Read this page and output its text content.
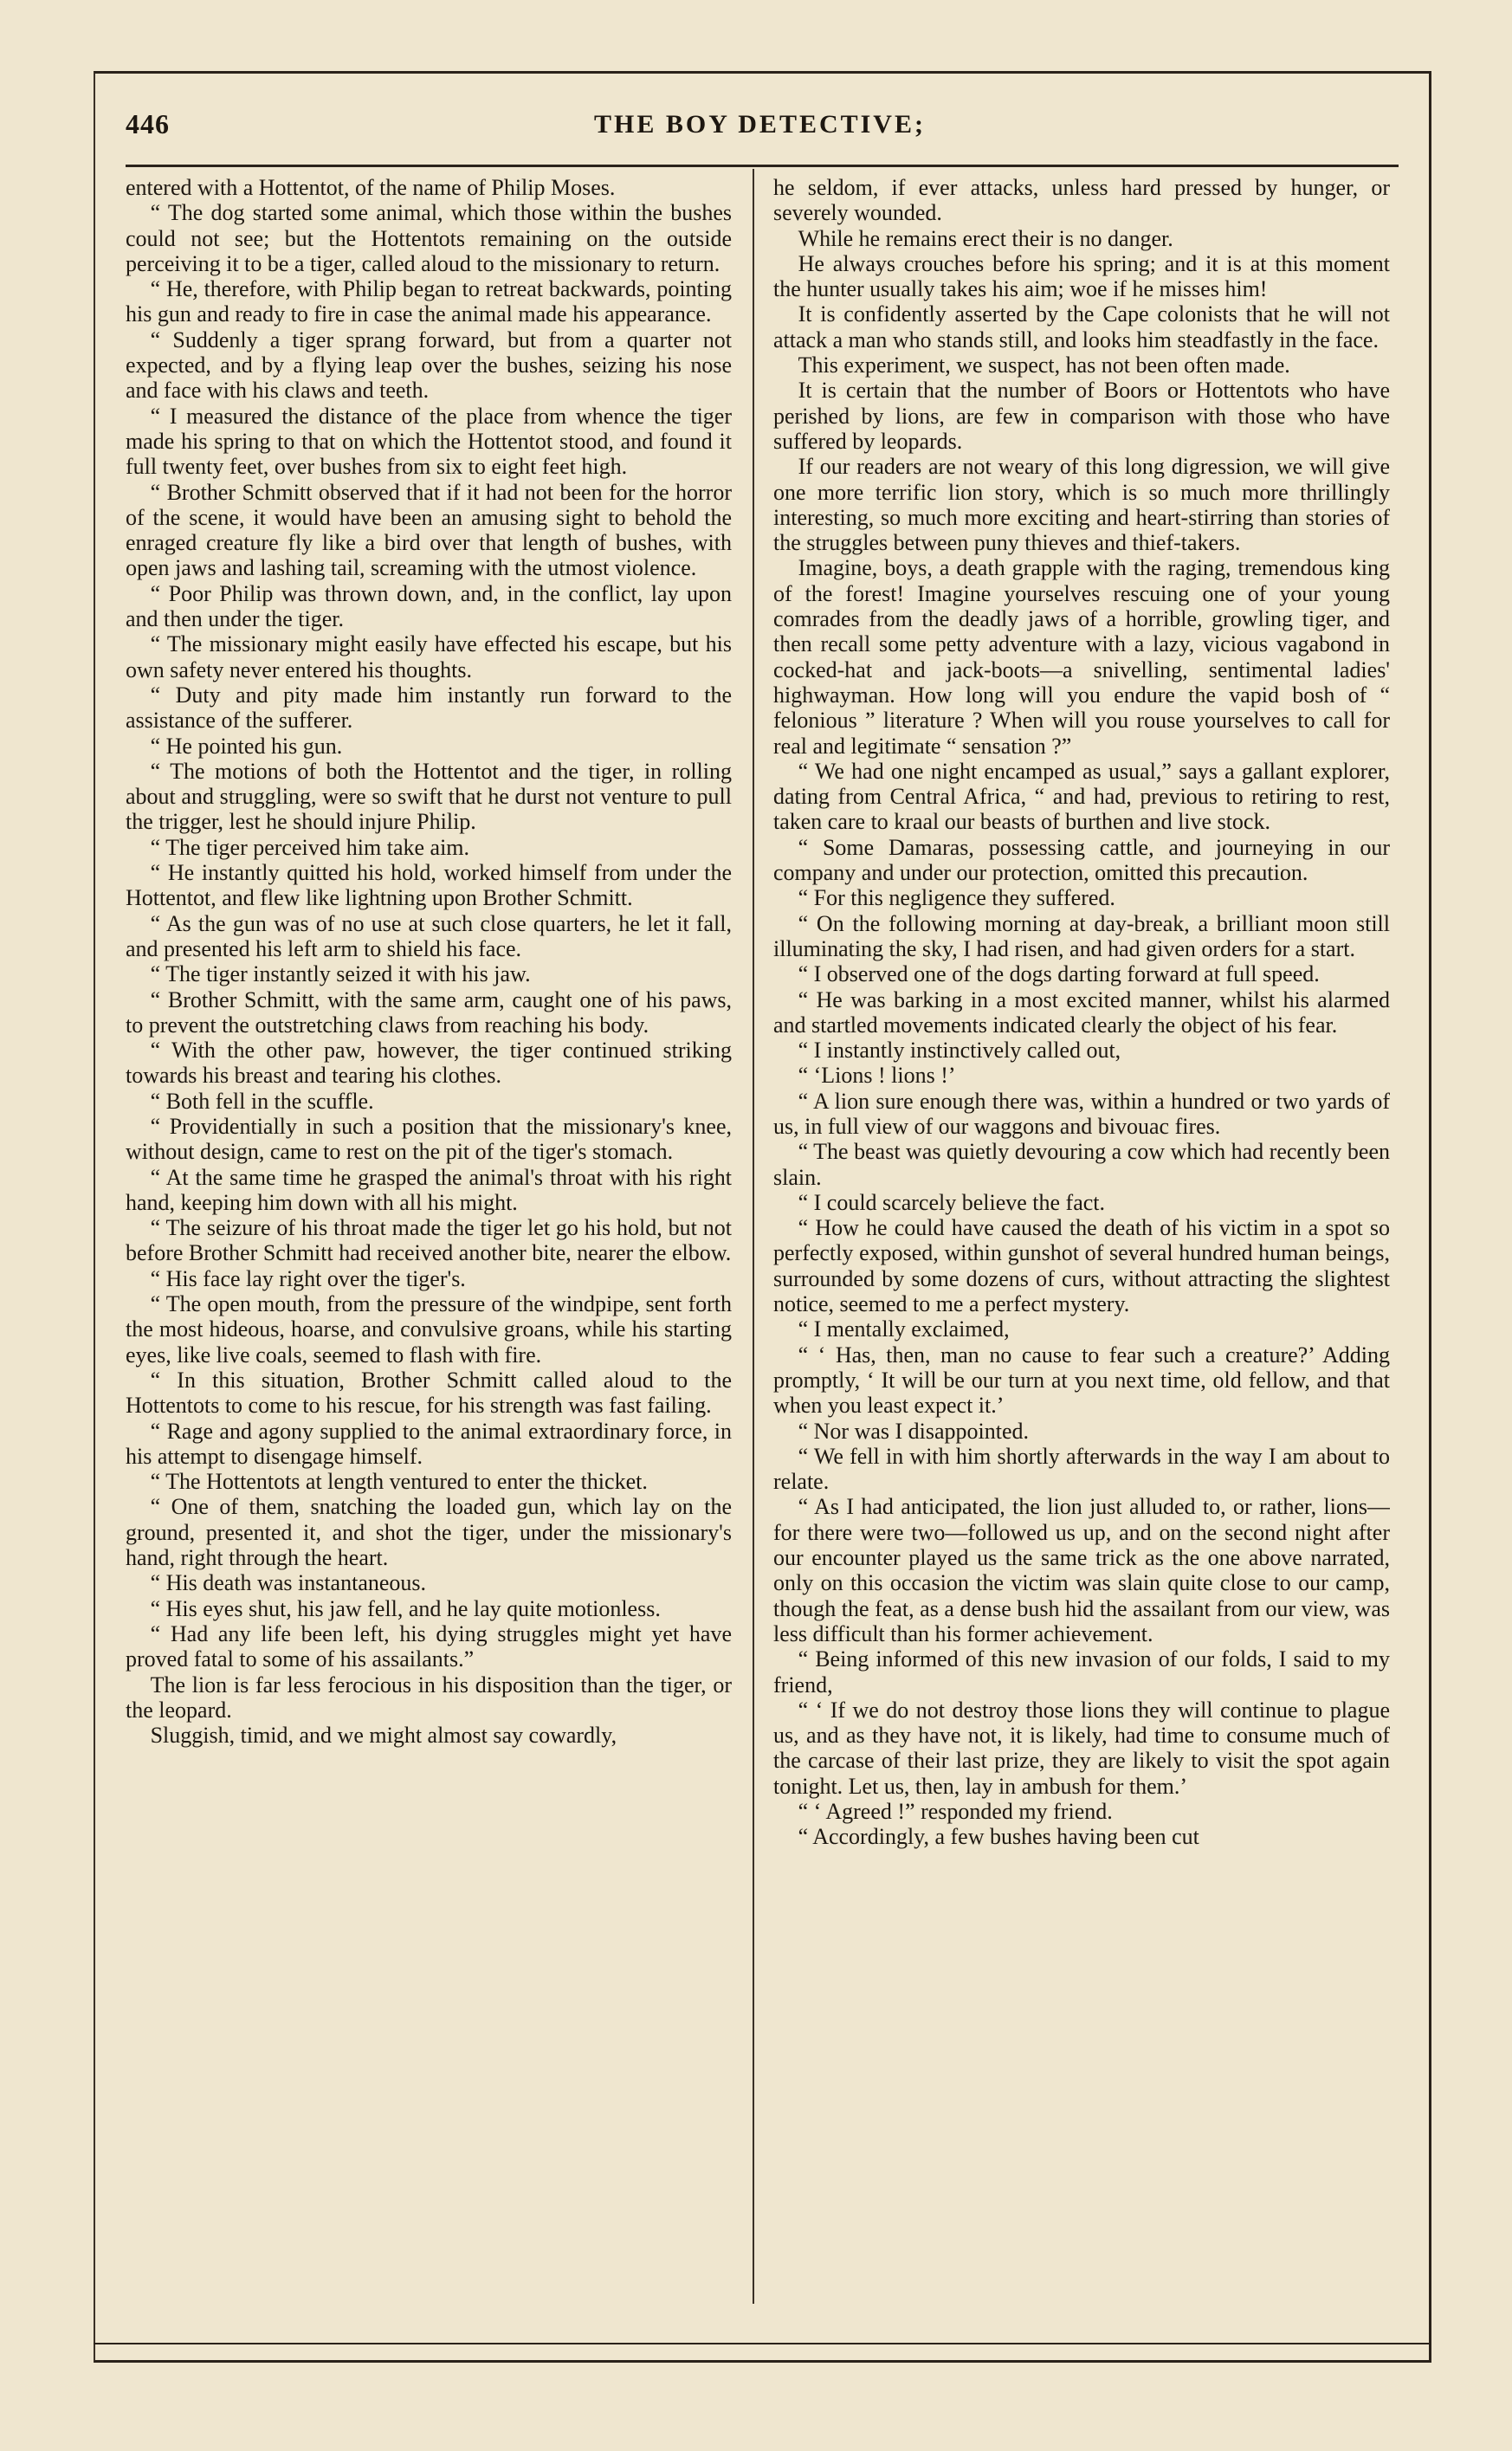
446	THE BOY DETECTIVE;

entered with a Hottentot, of the name of Philip Moses.

“ The dog started some animal, which those within the bushes could not see; but the Hottentots remaining on the outside perceiving it to be a tiger, called aloud to the missionary to return.

“ He, therefore, with Philip began to retreat backwards, pointing his gun and ready to fire in case the animal made his appearance.

“ Suddenly a tiger sprang forward, but from a quarter not expected, and by a flying leap over the bushes, seizing his nose and face with his claws and teeth.

“ I measured the distance of the place from whence the tiger made his spring to that on which the Hottentot stood, and found it full twenty feet, over bushes from six to eight feet high.

“ Brother Schmitt observed that if it had not been for the horror of the scene, it would have been an amusing sight to behold the enraged creature fly like a bird over that length of bushes, with open jaws and lashing tail, screaming with the utmost violence.

“ Poor Philip was thrown down, and, in the conflict, lay upon and then under the tiger.

“ The missionary might easily have effected his escape, but his own safety never entered his thoughts.

“ Duty and pity made him instantly run forward to the assistance of the sufferer.

“ He pointed his gun.

“ The motions of both the Hottentot and the tiger, in rolling about and struggling, were so swift that he durst not venture to pull the trigger, lest he should injure Philip.

“ The tiger perceived him take aim.

“ He instantly quitted his hold, worked himself from under the Hottentot, and flew like lightning upon Brother Schmitt.

“ As the gun was of no use at such close quarters, he let it fall, and presented his left arm to shield his face.

“ The tiger instantly seized it with his jaw.

“ Brother Schmitt, with the same arm, caught one of his paws, to prevent the outstretching claws from reaching his body.

“ With the other paw, however, the tiger continued striking towards his breast and tearing his clothes.

“ Both fell in the scuffle.

“ Providentially in such a position that the missionary's knee, without design, came to rest on the pit of the tiger's stomach.

“ At the same time he grasped the animal's throat with his right hand, keeping him down with all his might.

“ The seizure of his throat made the tiger let go his hold, but not before Brother Schmitt had received another bite, nearer the elbow.

“ His face lay right over the tiger's.

“ The open mouth, from the pressure of the windpipe, sent forth the most hideous, hoarse, and convulsive groans, while his starting eyes, like live coals, seemed to flash with fire.

“ In this situation, Brother Schmitt called aloud to the Hottentots to come to his rescue, for his strength was fast failing.

“ Rage and agony supplied to the animal extraordinary force, in his attempt to disengage himself.

“ The Hottentots at length ventured to enter the thicket.

“ One of them, snatching the loaded gun, which lay on the ground, presented it, and shot the tiger, under the missionary's hand, right through the heart.

“ His death was instantaneous.

“ His eyes shut, his jaw fell, and he lay quite motionless.

“ Had any life been left, his dying struggles might yet have proved fatal to some of his assailants.”

The lion is far less ferocious in his disposition than the tiger, or the leopard.

Sluggish, timid, and we might almost say cowardly,

he seldom, if ever attacks, unless hard pressed by hunger, or severely wounded.

While he remains erect their is no danger.

He always crouches before his spring; and it is at this moment the hunter usually takes his aim; woe if he misses him!

It is confidently asserted by the Cape colonists that he will not attack a man who stands still, and looks him steadfastly in the face.

This experiment, we suspect, has not been often made.

It is certain that the number of Boors or Hottentots who have perished by lions, are few in comparison with those who have suffered by leopards.

If our readers are not weary of this long digression, we will give one more terrific lion story, which is so much more thrillingly interesting, so much more exciting and heart-stirring than stories of the struggles between puny thieves and thief-takers.

Imagine, boys, a death grapple with the raging, tremendous king of the forest! Imagine yourselves rescuing one of your young comrades from the deadly jaws of a horrible, growling tiger, and then recall some petty adventure with a lazy, vicious vagabond in cocked-hat and jack-boots—a snivelling, sentimental ladies' highwayman. How long will you endure the vapid bosh of “ felonious ” literature ? When will you rouse yourselves to call for real and legitimate “ sensation ?”

“ We had one night encamped as usual,” says a gallant explorer, dating from Central Africa, “ and had, previous to retiring to rest, taken care to kraal our beasts of burthen and live stock.

“ Some Damaras, possessing cattle, and journeying in our company and under our protection, omitted this precaution.

“ For this negligence they suffered.

“ On the following morning at day-break, a brilliant moon still illuminating the sky, I had risen, and had given orders for a start.

“ I observed one of the dogs darting forward at full speed.

“ He was barking in a most excited manner, whilst his alarmed and startled movements indicated clearly the object of his fear.

“ I instantly instinctively called out,

“ ‘Lions ! lions !’

“ A lion sure enough there was, within a hundred or two yards of us, in full view of our waggons and bivouac fires.

“ The beast was quietly devouring a cow which had recently been slain.

“ I could scarcely believe the fact.

“ How he could have caused the death of his victim in a spot so perfectly exposed, within gunshot of several hundred human beings, surrounded by some dozens of curs, without attracting the slightest notice, seemed to me a perfect mystery.

“ I mentally exclaimed,

“ ‘ Has, then, man no cause to fear such a creature?’ Adding promptly, ‘ It will be our turn at you next time, old fellow, and that when you least expect it.’

“ Nor was I disappointed.

“ We fell in with him shortly afterwards in the way I am about to relate.

“ As I had anticipated, the lion just alluded to, or rather, lions—for there were two—followed us up, and on the second night after our encounter played us the same trick as the one above narrated, only on this occasion the victim was slain quite close to our camp, though the feat, as a dense bush hid the assailant from our view, was less difficult than his former achievement.

“ Being informed of this new invasion of our folds, I said to my friend,

“ ‘ If we do not destroy those lions they will continue to plague us, and as they have not, it is likely, had time to consume much of the carcase of their last prize, they are likely to visit the spot again tonight. Let us, then, lay in ambush for them.’

“ ‘ Agreed !” responded my friend.

“ Accordingly, a few bushes having been cut
